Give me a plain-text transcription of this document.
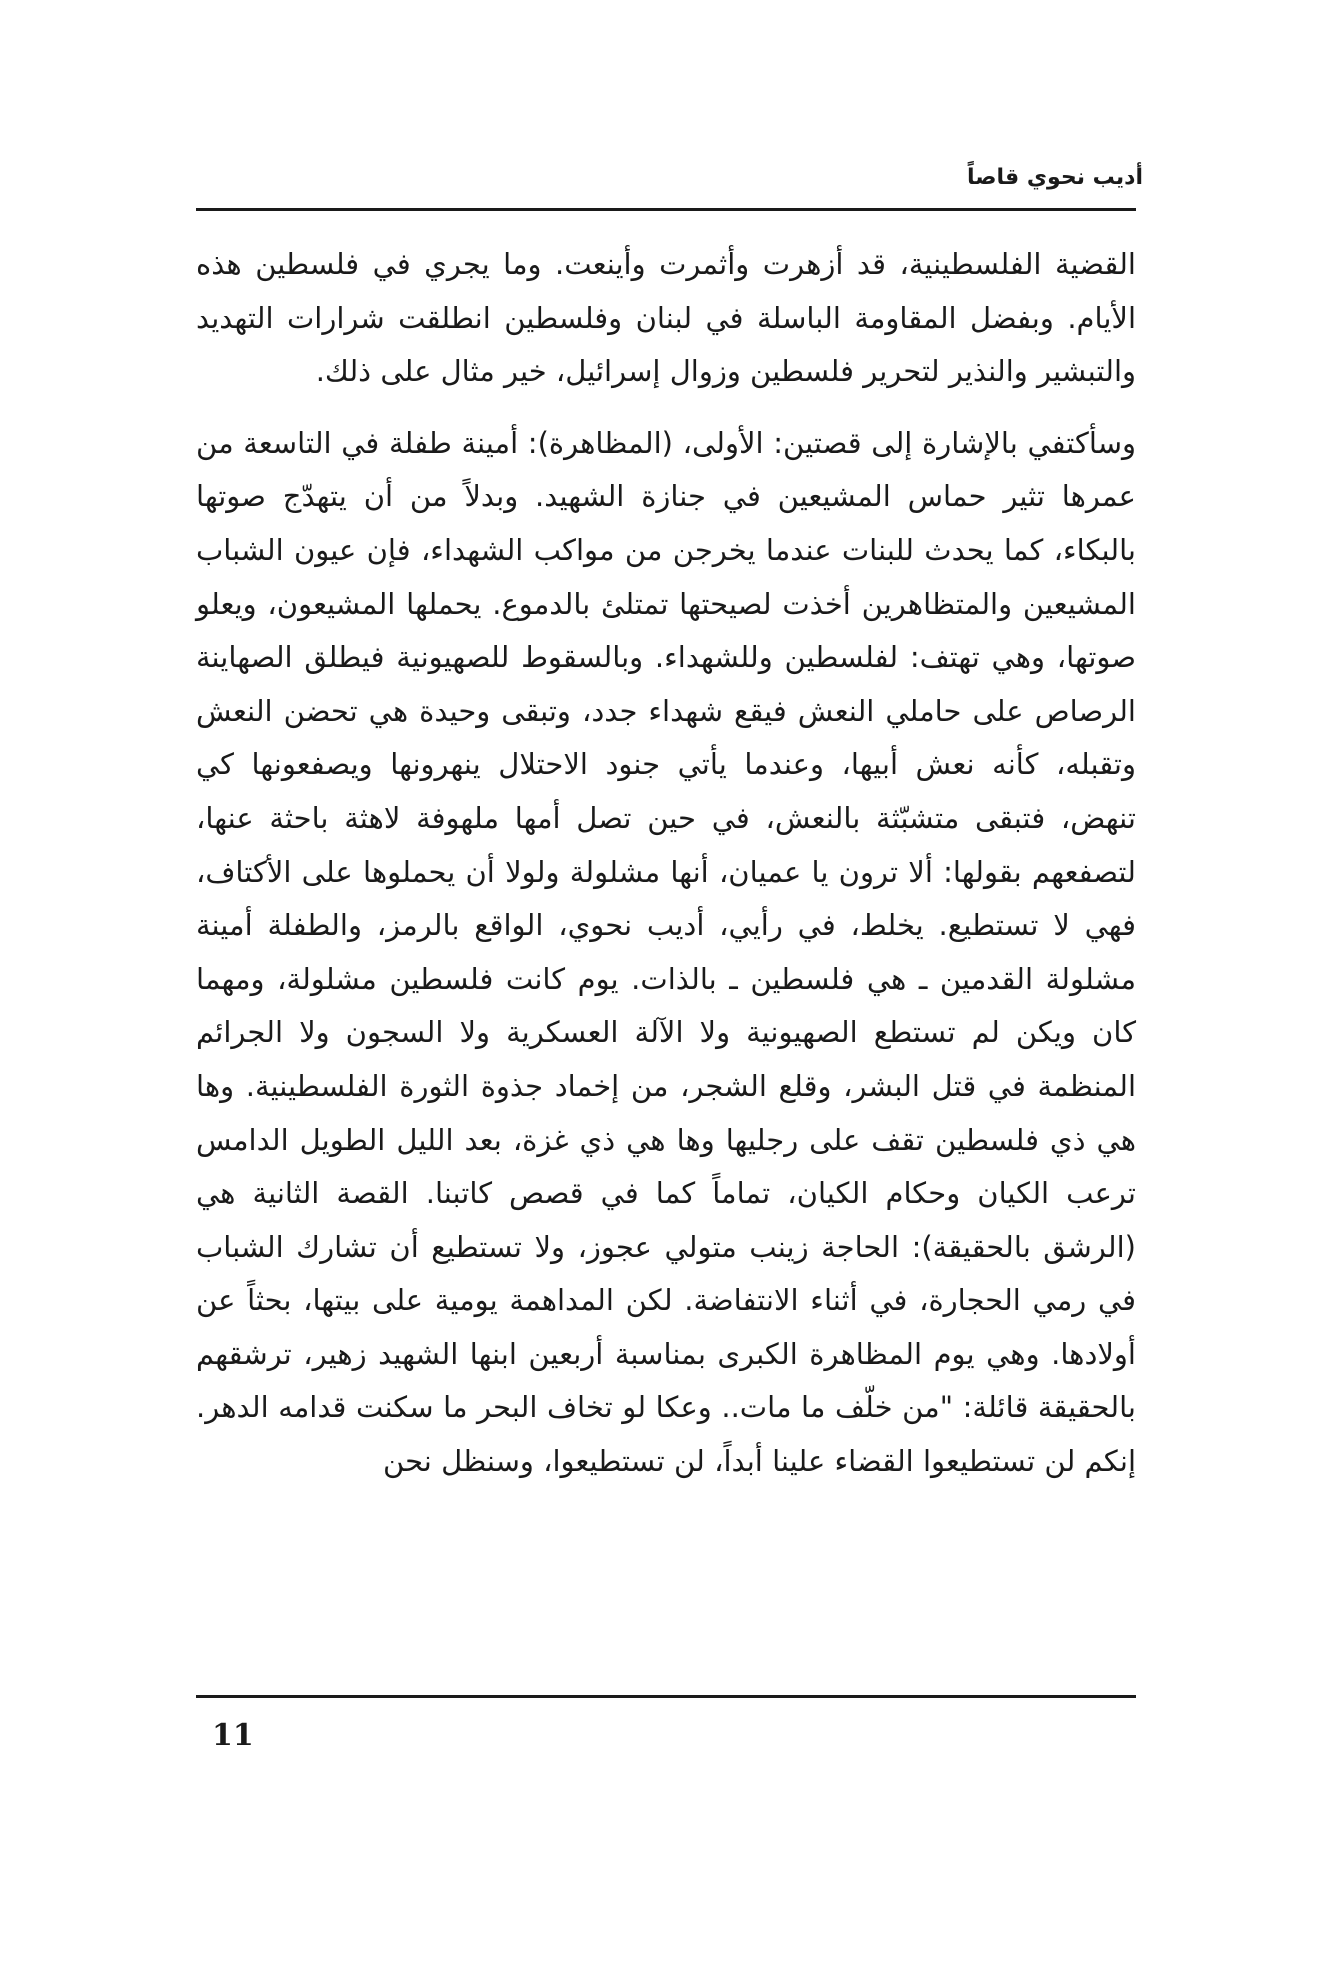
أديب نحوي قاصاً

القضية الفلسطينية، قد أزهرت وأثمرت وأينعت. وما يجري في فلسطين هذه الأيام. وبفضل المقاومة الباسلة في لبنان وفلسطين انطلقت شرارات التهديد والتبشير والنذير لتحرير فلسطين وزوال إسرائيل، خير مثال على ذلك.

وسأكتفي بالإشارة إلى قصتين: الأولى، (المظاهرة): أمينة طفلة في التاسعة من عمرها تثير حماس المشيعين في جنازة الشهيد. وبدلاً من أن يتهدّج صوتها بالبكاء، كما يحدث للبنات عندما يخرجن من مواكب الشهداء، فإن عيون الشباب المشيعين والمتظاهرين أخذت لصيحتها تمتلئ بالدموع. يحملها المشيعون، ويعلو صوتها، وهي تهتف: لفلسطين وللشهداء. وبالسقوط للصهيونية فيطلق الصهاينة الرصاص على حاملي النعش فيقع شهداء جدد، وتبقى وحيدة هي تحضن النعش وتقبله، كأنه نعش أبيها، وعندما يأتي جنود الاحتلال ينهرونها ويصفعونها كي تنهض، فتبقى متشبّثة بالنعش، في حين تصل أمها ملهوفة لاهثة باحثة عنها، لتصفعهم بقولها: ألا ترون يا عميان، أنها مشلولة ولولا أن يحملوها على الأكتاف، فهي لا تستطيع. يخلط، في رأيي، أديب نحوي، الواقع بالرمز، والطفلة أمينة مشلولة القدمين ـ هي فلسطين ـ بالذات. يوم كانت فلسطين مشلولة، ومهما كان ويكن لم تستطع الصهيونية ولا الآلة العسكرية ولا السجون ولا الجرائم المنظمة في قتل البشر، وقلع الشجر، من إخماد جذوة الثورة الفلسطينية. وها هي ذي فلسطين تقف على رجليها وها هي ذي غزة، بعد الليل الطويل الدامس ترعب الكيان وحكام الكيان، تماماً كما في قصص كاتبنا. القصة الثانية هي (الرشق بالحقيقة): الحاجة زينب متولي عجوز، ولا تستطيع أن تشارك الشباب في رمي الحجارة، في أثناء الانتفاضة. لكن المداهمة يومية على بيتها، بحثاً عن أولادها. وهي يوم المظاهرة الكبرى بمناسبة أربعين ابنها الشهيد زهير، ترشقهم بالحقيقة قائلة: "من خلّف ما مات.. وعكا لو تخاف البحر ما سكنت قدامه الدهر. إنكم لن تستطيعوا القضاء علينا أبداً، لن تستطيعوا، وسنظل نحن

11
